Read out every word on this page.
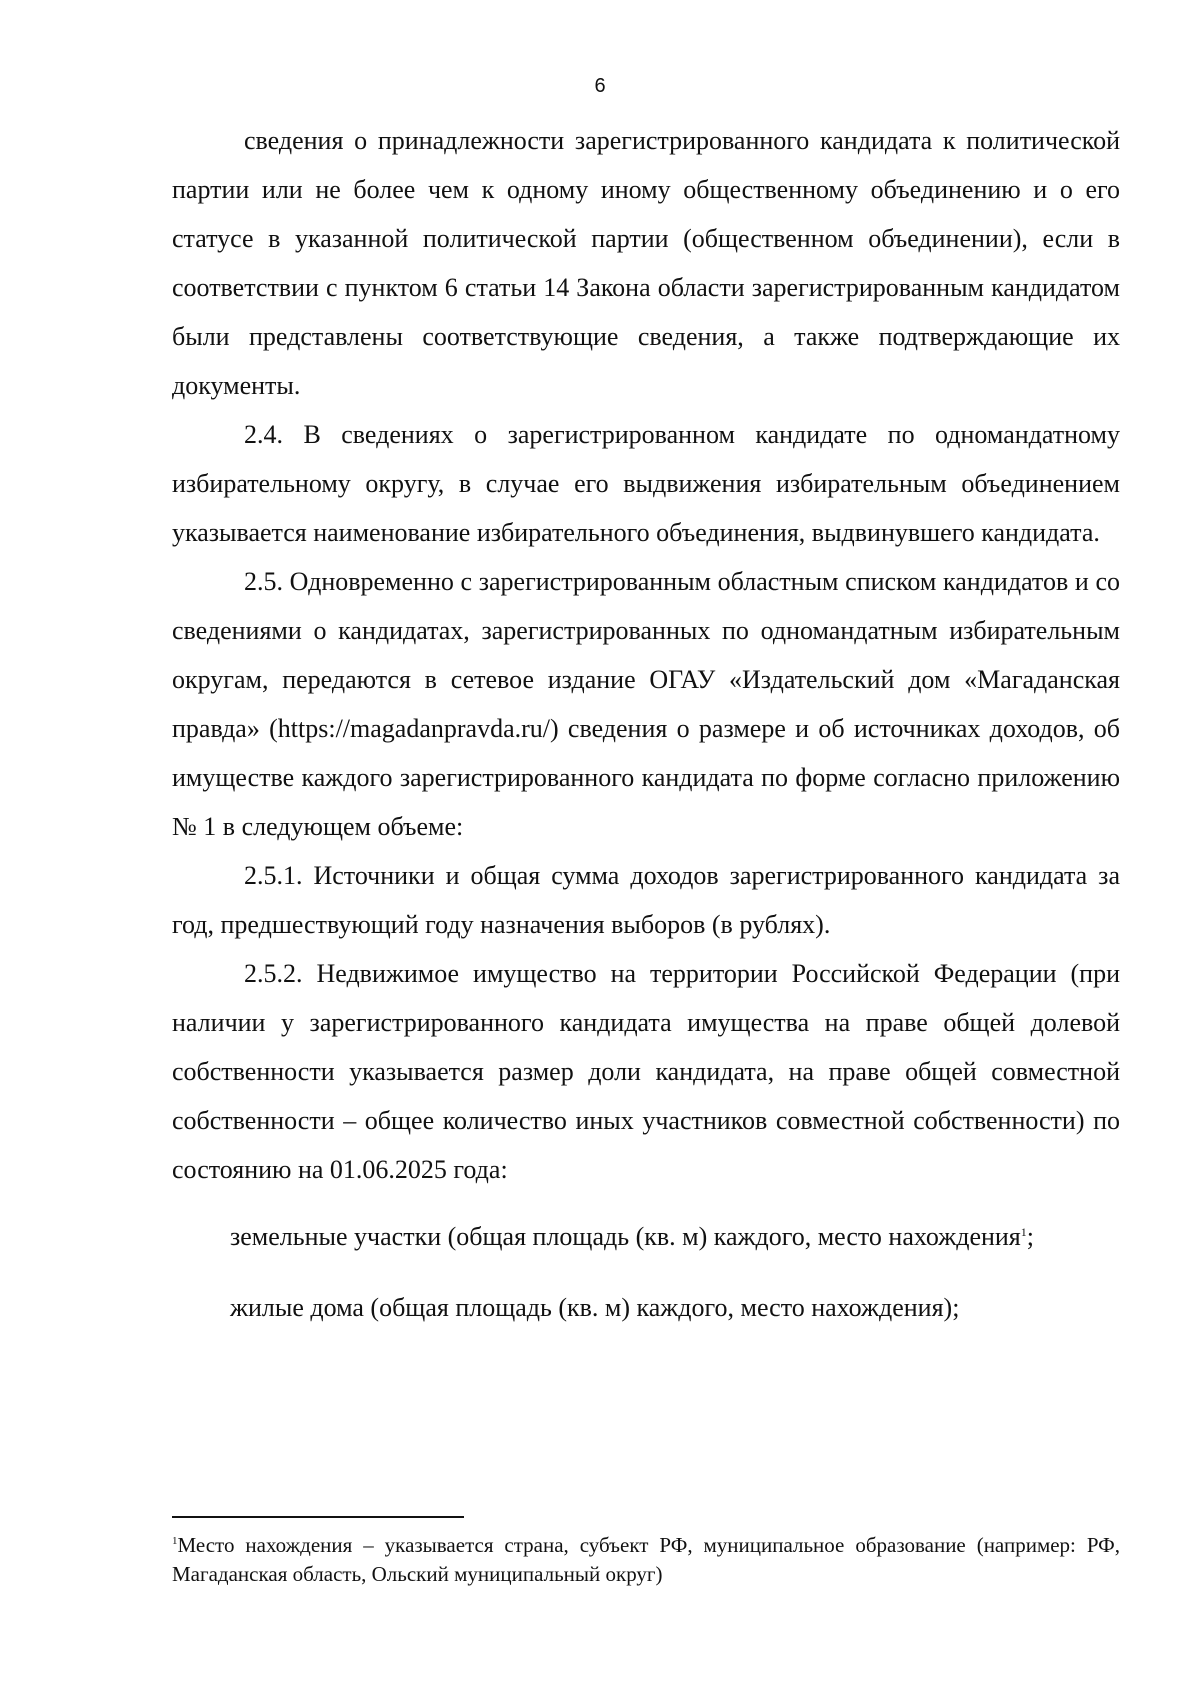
6

сведения о принадлежности зарегистрированного кандидата к политической партии или не более чем к одному иному общественному объединению и о его статусе в указанной политической партии (общественном объединении), если в соответствии с пунктом 6 статьи 14 Закона области зарегистрированным кандидатом были представлены соответствующие сведения, а также подтверждающие их документы.

2.4. В сведениях о зарегистрированном кандидате по одномандатному избирательному округу, в случае его выдвижения избирательным объединением указывается наименование избирательного объединения, выдвинувшего кандидата.

2.5. Одновременно с зарегистрированным областным списком кандидатов и со сведениями о кандидатах, зарегистрированных по одномандатным избирательным округам, передаются в сетевое издание ОГАУ «Издательский дом «Магаданская правда» (https://magadanpravda.ru/) сведения о размере и об источниках доходов, об имуществе каждого зарегистрированного кандидата по форме согласно приложению № 1 в следующем объеме:

2.5.1. Источники и общая сумма доходов зарегистрированного кандидата за год, предшествующий году назначения выборов (в рублях).

2.5.2. Недвижимое имущество на территории Российской Федерации (при наличии у зарегистрированного кандидата имущества на праве общей долевой собственности указывается размер доли кандидата, на праве общей совместной собственности – общее количество иных участников совместной собственности) по состоянию на 01.06.2025 года:

земельные участки (общая площадь (кв. м) каждого, место нахождения$^1$;

жилые дома (общая площадь (кв. м) каждого, место нахождения);

$^1$Место нахождения – указывается страна, субъект РФ, муниципальное образование (например: РФ, Магаданская область, Ольский муниципальный округ)
